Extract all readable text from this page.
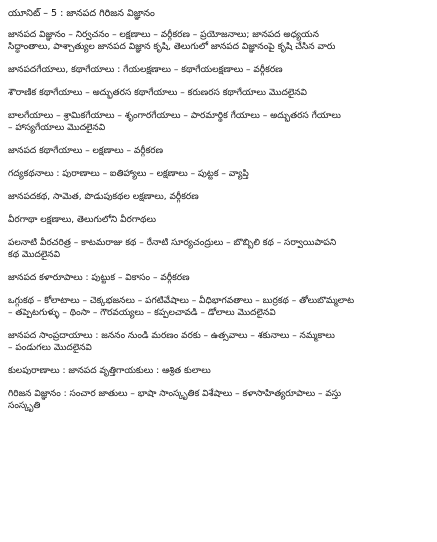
యూనిట్ – 5 : జానపద గిరిజన విజ్ఞానం
జానపద విజ్ఞానం – నిర్వచనం – లక్షణాలు – వర్గీకరణ – ప్రయోజనాలు; జానపద అధ్యయన
సిద్ధాంతాలు, పాశ్చాత్యుల జానపద విజ్ఞాన కృషి, తెలుగులో జానపద విజ్ఞానంపై కృషి చేసిన వారు
జానపదగేయాలు, కథాగేయాలు : గేయలక్షణాలు – కథాగేయలక్షణాలు – వర్గీకరణ
శౌరాణిక కథాగేయాలు – అద్భుతరస కథాగేయాలు – కరుణరస కథాగేయాలు మొదలైనవి
బాలగేయాలు – శ్రామికగేయాలు – శృంగారగేయాలు – పారమార్థిక గేయాలు – అద్భుతరస గేయాలు
– హాస్యగేయాలు మొదలైనవి
జానపద కథాగేయాలు – లక్షణాలు – వర్గీకరణ
గద్యకథనాలు : పురాణాలు – ఐతిహ్యాలు – లక్షణాలు – పుట్టక – వ్యాప్తి
జానపదకథ, సామెత, పొడుపుకథల లక్షణాలు, వర్గీకరణ
వీరగాథా లక్షణాలు, తెలుగులోని వీరగాథలు
పలనాటి వీరచరిత్ర – కాటమరాజు కథ – రేనాటి సూర్యచంద్రులు – బొబ్బిలి కథ – సర్వాయిపాపని
కథ మొదలైనవి
జానపద కళారూపాలు : పుట్టుక – వికాసం – వర్గీకరణ
ఒగ్గుకథ – కోలాటాలు – చెక్కభజనలు – పగటివేషాలు – వీధిభాగవతాలు – బుర్రకథ – తోలుబొమ్మలాట
– తప్పెటగుళ్ళు – థింసా – గౌరవయ్యలు – కప్పలచావడి – డోలాలు మొదలైనవి
జానపద సాంప్రదాయాలు : జననం నుండి మరణం వరకు – ఉత్సవాలు – శకునాలు – నమ్మకాలు
– పండుగలు మొదలైనవి
కులపురాణాలు : జానపద వృత్తిగాయకులు : ఆశ్రిత కులాలు
గిరిజన విజ్ఞానం : సంచార జాతులు – భాషా సాంస్కృతిక విశేషాలు – కళాసాహిత్యరూపాలు – వస్తు
సంస్కృతి
